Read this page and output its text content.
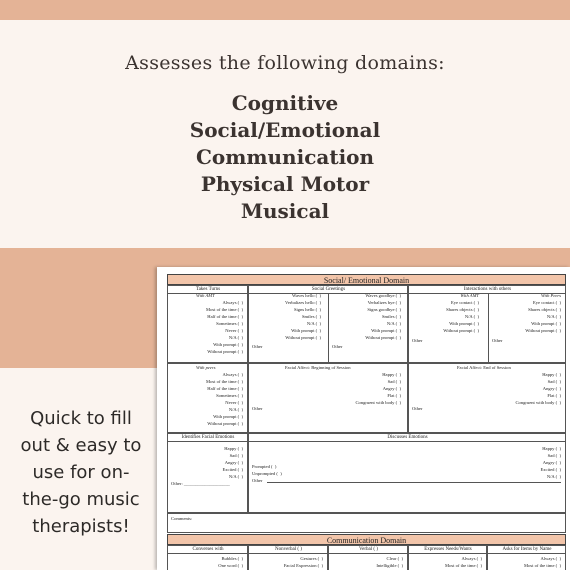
Assesses the following domains:
Cognitive
Social/Emotional
Communication
Physical Motor
Musical
Quick to fill
out & easy to
use for on-
the-go music
therapists!
Social/ Emotional Domain
Takes Turns
With AMT
Always (  )
Most of the time (  )
Half of the time (  )
Sometimes (  )
Never (  )
N/A (  )
With prompt (  )
Without prompt (  )
Social Greetings
Waves hello (  )
Verbalizes hello (  )
Signs hello (  )
Smiles (  )
N/A (  )
With prompt (  )
Without prompt (  )
Other
Waves goodbye (  )
Verbalizes bye (  )
Signs goodbye (  )
Smiles (  )
N/A (  )
With prompt (  )
Without prompt (  )
Other
Interactions with others
With AMT
Eye contact (  )
Shares objects (  )
N/A (  )
With prompt (  )
Without prompt (  )
Other
With Peers
Eye contact (  )
Shares objects (  )
N/A (  )
With prompt (  )
Without prompt (  )
Other
With peers
Always (  )
Most of the time (  )
Half of the time (  )
Sometimes (  )
Never (  )
N/A (  )
With prompt (  )
Without prompt (  )
Facial Affect: Beginning of Session
Happy (  )
Sad (  )
Angry (  )
Flat (  )
Congruent with body (  )
Other
Facial Affect: End of Session
Happy (  )
Sad (  )
Angry (  )
Flat (  )
Congruent with body (  )
Other
Identifies Facial Emotions
Happy (  )
Sad (  )
Angry (  )
Excited (  )
N/A (  )
Other: ____________________
Discusses Emotions
Happy (  )
Sad (  )
Angry (  )
Excited (  )
N/A (  )
Prompted (  )
Unprompted (  )
Other
Comments:
Communication Domain
Converses with
Bubbles (  )
One word (  )
Nonverbal ( )
Gestures (  )
Facial Expression (  )
Verbal ( )
Clear (  )
Intelligible (  )
Expresses Needs/Wants
Always (  )
Most of the time (  )
Asks for Items by Name
Always (  )
Most of the time (  )
